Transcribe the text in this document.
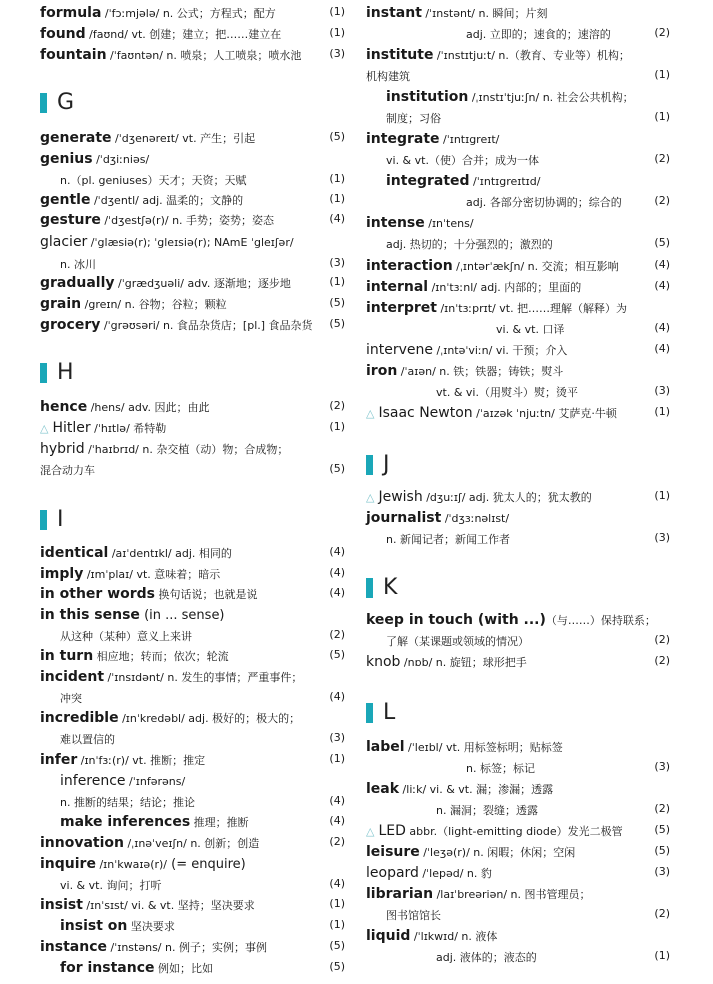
formula /ˈfɔːmjələ/ n. 公式；方程式；配方	(1)
found /faʊnd/ vt. 创建；建立；把……建立在	(1)
fountain /ˈfaʊntən/ n. 喷泉；人工喷泉；喷水池	(3)
G
generate /ˈdʒenəreɪt/ vt. 产生；引起	(5)
genius /ˈdʒiːniəs/
n.（pl. geniuses）天才；天资；天赋	(1)
gentle /ˈdʒentl/ adj. 温柔的；文静的	(1)
gesture /ˈdʒestʃə(r)/ n. 手势；姿势；姿态	(4)
glacier /ˈglæsiə(r); ˈgleɪsiə(r); NAmE ˈgleɪʃər/
n. 冰川	(3)
gradually /ˈgrædʒuəli/ adv. 逐渐地；逐步地	(1)
grain /greɪn/ n. 谷物；谷粒；颗粒	(5)
grocery /ˈgrəʊsəri/ n. 食品杂货店；[pl.] 食品杂货 (5)
H
hence /hens/ adv. 因此；由此	(2)
△ Hitler /ˈhɪtlə/ 希特勒	(1)
hybrid /ˈhaɪbrɪd/ n. 杂交植（动）物；合成物；
混合动力车	(5)
I
identical /aɪˈdentɪkl/ adj. 相同的	(4)
imply /ɪmˈplaɪ/ vt. 意味着；暗示	(4)
in other words 换句话说；也就是说	(4)
in this sense (in ... sense)
从这种（某种）意义上来讲	(2)
in turn 相应地；转而；依次；轮流	(5)
incident /ˈɪnsɪdənt/ n. 发生的事情；严重事件；
冲突	(4)
incredible /ɪnˈkredəbl/ adj. 极好的；极大的；
难以置信的	(3)
infer /ɪnˈfɜː(r)/ vt. 推断；推定	(1)
inference /ˈɪnfərəns/
n. 推断的结果；结论；推论	(4)
make inferences 推理；推断	(4)
innovation /ˌɪnəˈveɪʃn/ n. 创新；创造	(2)
inquire /ɪnˈkwaɪə(r)/ (= enquire)
vi. & vt. 询问；打听	(4)
insist /ɪnˈsɪst/ vi. & vt. 坚持；坚决要求	(1)
insist on 坚决要求	(1)
instance /ˈɪnstəns/ n. 例子；实例；事例	(5)
for instance 例如；比如	(5)
instant /ˈɪnstənt/ n. 瞬间；片刻
adj. 立即的；速食的；速溶的	(2)
institute /ˈɪnstɪtjuːt/ n.（教育、专业等）机构；
机构建筑	(1)
institution /ˌɪnstɪˈtjuːʃn/ n. 社会公共机构；
制度；习俗	(1)
integrate /ˈɪntɪgreɪt/
vi. & vt.（使）合并；成为一体	(2)
integrated /ˈɪntɪgreɪtɪd/
adj. 各部分密切协调的；综合的	(2)
intense /ɪnˈtens/
adj. 热切的；十分强烈的；激烈的	(5)
interaction /ˌɪntərˈækʃn/ n. 交流；相互影响	(4)
internal /ɪnˈtɜːnl/ adj. 内部的；里面的	(4)
interpret /ɪnˈtɜːprɪt/ vt. 把……理解（解释）为
vi. & vt. 口译	(4)
intervene /ˌɪntəˈviːn/ vi. 干预；介入	(4)
iron /ˈaɪən/ n. 铁；铁器；铸铁；熨斗
vt. & vi.（用熨斗）熨；烫平	(3)
△ Isaac Newton /ˈaɪzək ˈnjuːtn/ 艾萨克·牛顿	(1)
J
△ Jewish /dʒuːɪʃ/ adj. 犹太人的；犹太教的	(1)
journalist /ˈdʒɜːnəlɪst/
n. 新闻记者；新闻工作者	(3)
K
keep in touch (with ...)（与……）保持联系；
了解（某课题或领域的情况）	(2)
knob /nɒb/ n. 旋钮；球形把手	(2)
L
label /ˈleɪbl/ vt. 用标签标明；贴标签
n. 标签；标记	(3)
leak /liːk/ vi. & vt. 漏；渗漏；透露
n. 漏洞；裂缝；透露	(2)
△ LED abbr.（light-emitting diode）发光二极管	(5)
leisure /ˈleʒə(r)/ n. 闲暇；休闲；空闲	(5)
leopard /ˈlepəd/ n. 豹	(3)
librarian /laɪˈbreəriən/ n. 图书管理员；
图书馆馆长	(2)
liquid /ˈlɪkwɪd/ n. 液体
adj. 液体的；液态的	(1)
